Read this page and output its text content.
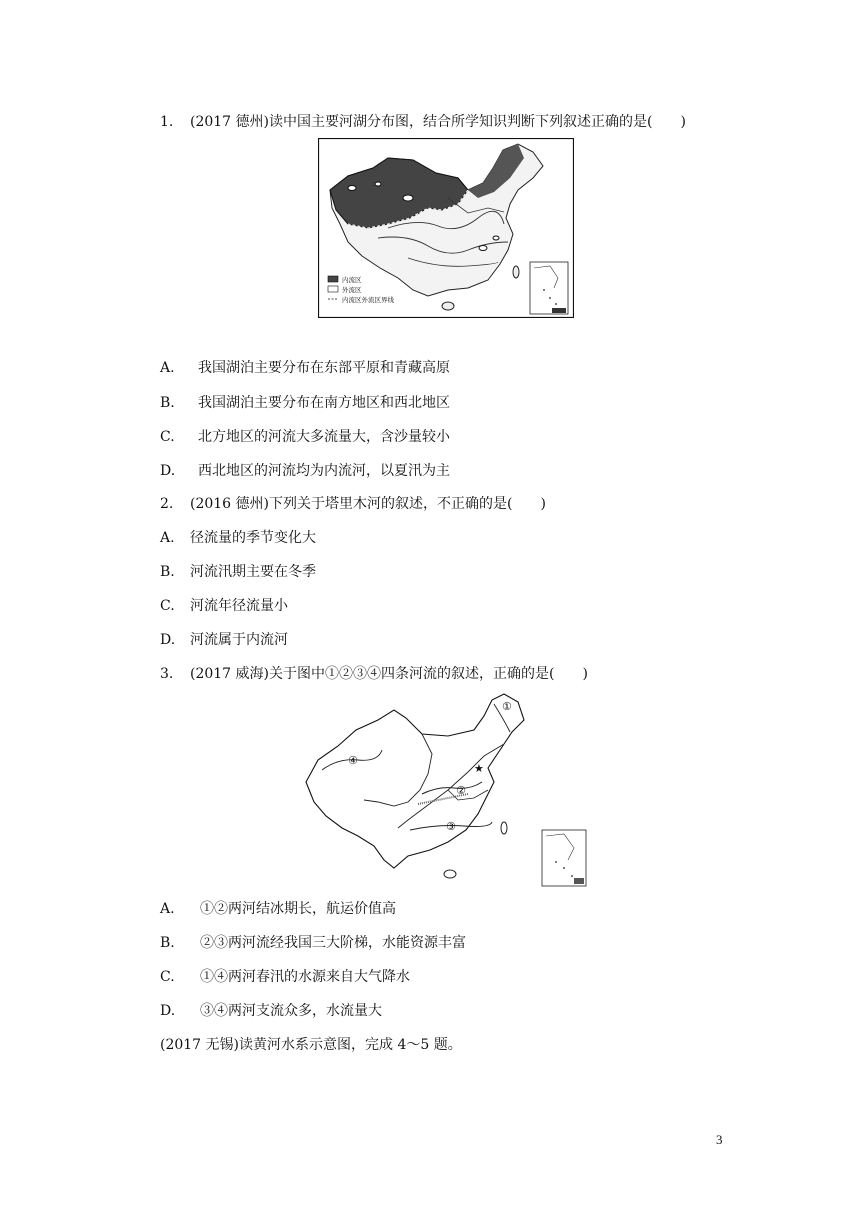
1. (2017 德州)读中国主要河湖分布图，结合所学知识判断下列叙述正确的是(　　)
内流区
外流区
内流区外流区界线
A. 我国湖泊主要分布在东部平原和青藏高原
B. 我国湖泊主要分布在南方地区和西北地区
C. 北方地区的河流大多流量大，含沙量较小
D. 西北地区的河流均为内流河，以夏汛为主
2. (2016 德州)下列关于塔里木河的叙述，不正确的是(　　)
A. 径流量的季节变化大
B. 河流汛期主要在冬季
C. 河流年径流量小
D. 河流属于内流河
3. (2017 威海)关于图中①②③④四条河流的叙述，正确的是(　　)
★
①
②
③
④
A. ①②两河结冰期长，航运价值高
B. ②③两河流经我国三大阶梯，水能资源丰富
C. ①④两河春汛的水源来自大气降水
D. ③④两河支流众多，水流量大
(2017 无锡)读黄河水系示意图，完成 4～5 题。
3
